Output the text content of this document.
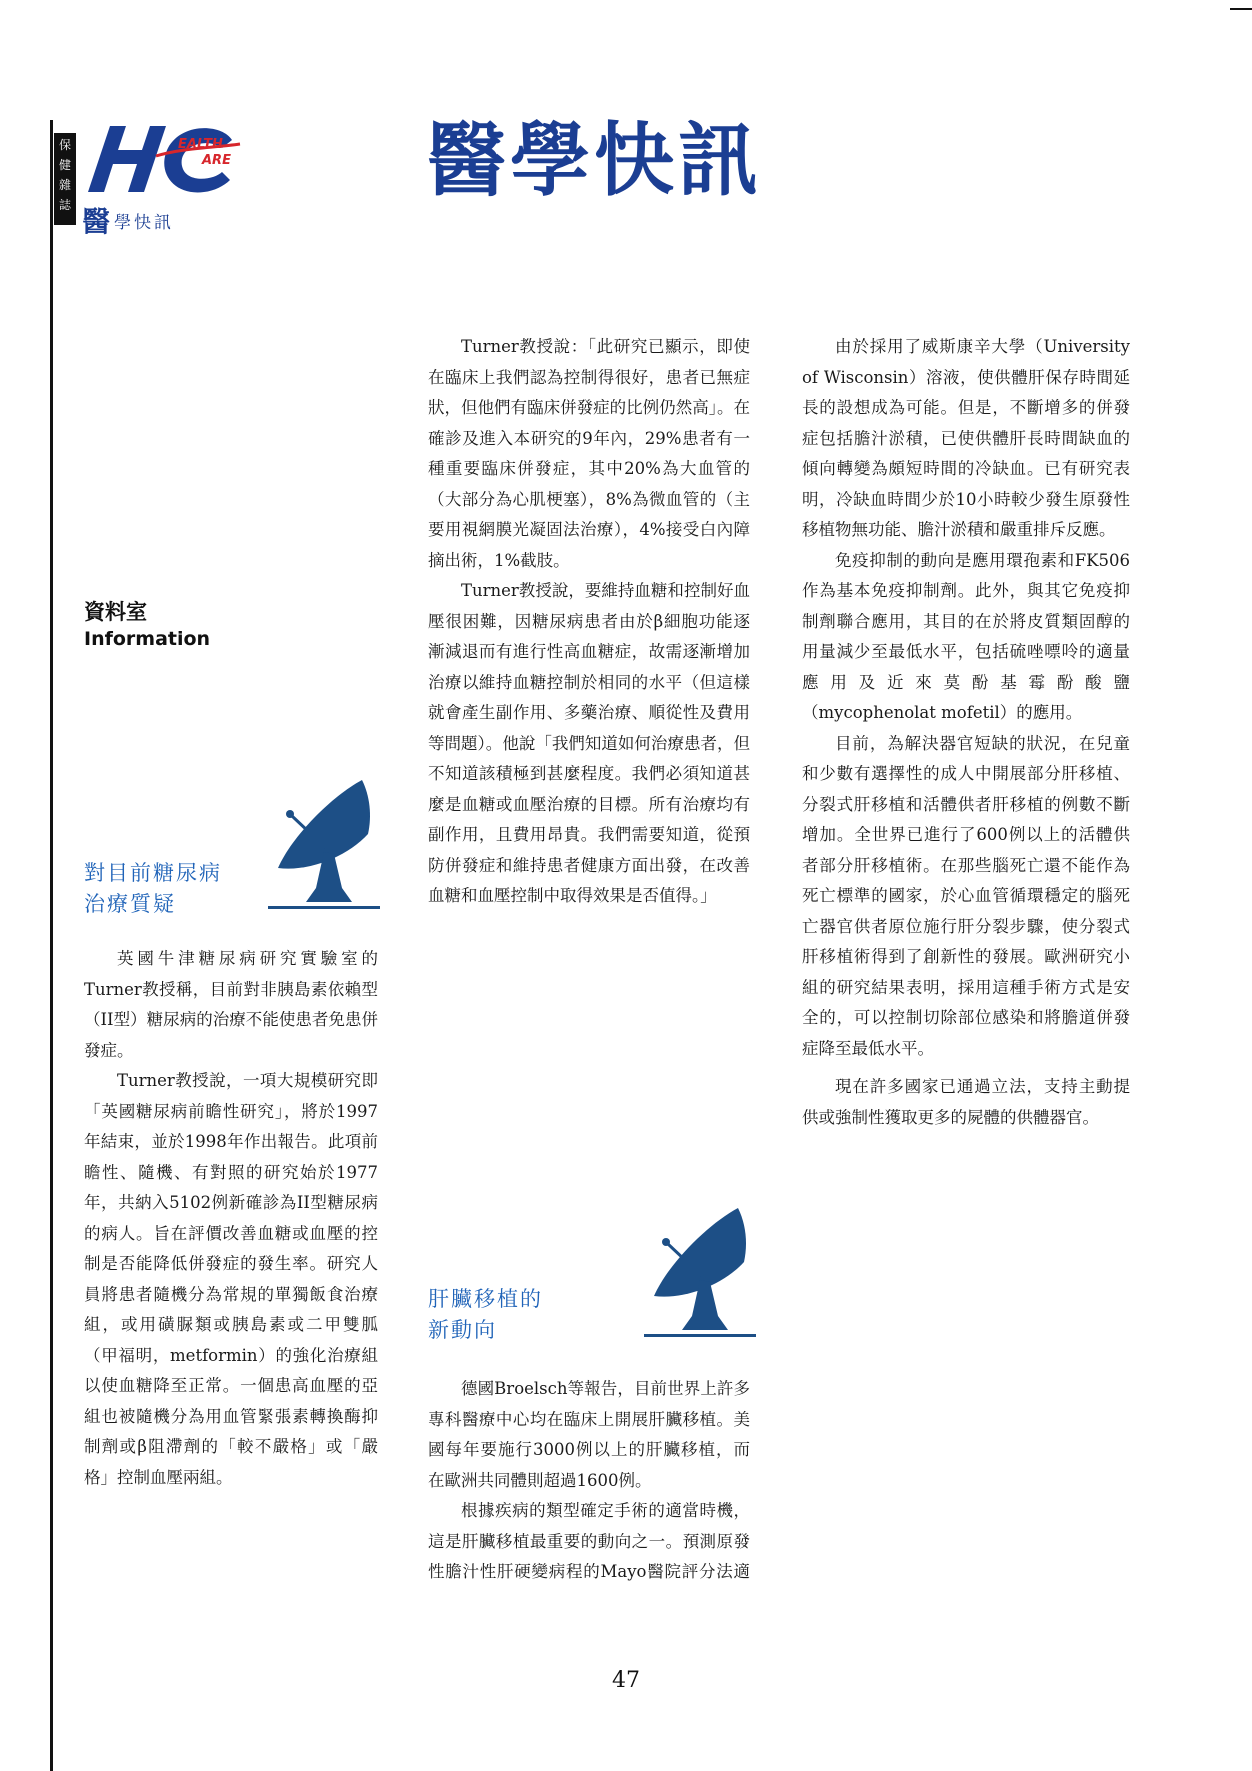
保
健
雜
誌
EALTH
ARE
醫學快訊
醫學快訊
資料室
Information
對目前糖尿病
治療質疑

英國牛津糖尿病研究實驗室的Turner教授稱，目前對非胰島素依賴型（II型）糖尿病的治療不能使患者免患併發症。

Turner教授說，一項大規模研究即「英國糖尿病前瞻性研究」，將於1997年結束，並於1998年作出報告。此項前瞻性、隨機、有對照的研究始於1977年，共納入5102例新確診為II型糖尿病的病人。旨在評價改善血糖或血壓的控制是否能降低併發症的發生率。研究人員將患者隨機分為常規的單獨飯食治療組，或用磺脲類或胰島素或二甲雙胍（甲福明，metformin）的強化治療組以使血糖降至正常。一個患高血壓的亞組也被隨機分為用血管緊張素轉換酶抑制劑或β阻滯劑的「較不嚴格」或「嚴格」控制血壓兩組。

Turner教授說：「此研究已顯示，即使在臨床上我們認為控制得很好，患者已無症狀，但他們有臨床併發症的比例仍然高」。在確診及進入本研究的9年內，29%患者有一種重要臨床併發症，其中20%為大血管的（大部分為心肌梗塞），8%為微血管的（主要用視網膜光凝固法治療），4%接受白內障摘出術，1%截肢。

Turner教授說，要維持血糖和控制好血壓很困難，因糖尿病患者由於β細胞功能逐漸減退而有進行性高血糖症，故需逐漸增加治療以維持血糖控制於相同的水平（但這樣就會產生副作用、多藥治療、順從性及費用等問題）。他說「我們知道如何治療患者，但不知道該積極到甚麼程度。我們必須知道甚麼是血糖或血壓治療的目標。所有治療均有副作用，且費用昂貴。我們需要知道，從預防併發症和維持患者健康方面出發，在改善血糖和血壓控制中取得效果是否值得。」

肝臟移植的
新動向

德國Broelsch等報告，目前世界上許多專科醫療中心均在臨床上開展肝臟移植。美國每年要施行3000例以上的肝臟移植，而在歐洲共同體則超過1600例。

根據疾病的類型確定手術的適當時機，這是肝臟移植最重要的動向之一。預測原發性膽汁性肝硬變病程的Mayo醫院評分法適

由於採用了威斯康辛大學（University of Wisconsin）溶液，使供體肝保存時間延長的設想成為可能。但是，不斷增多的併發症包括膽汁淤積，已使供體肝長時間缺血的傾向轉變為頗短時間的冷缺血。已有研究表明，冷缺血時間少於10小時較少發生原發性移植物無功能、膽汁淤積和嚴重排斥反應。

免疫抑制的動向是應用環孢素和FK506作為基本免疫抑制劑。此外，與其它免疫抑制劑聯合應用，其目的在於將皮質類固醇的用量減少至最低水平，包括硫唑嘌呤的適量應用及近來莫酚基霉酚酸鹽（mycophenolat mofetil）的應用。

目前，為解決器官短缺的狀況，在兒童和少數有選擇性的成人中開展部分肝移植、分裂式肝移植和活體供者肝移植的例數不斷增加。全世界已進行了600例以上的活體供者部分肝移植術。在那些腦死亡還不能作為死亡標準的國家，於心血管循環穩定的腦死亡器官供者原位施行肝分裂步驟，使分裂式肝移植術得到了創新性的發展。歐洲研究小組的研究結果表明，採用這種手術方式是安全的，可以控制切除部位感染和將膽道併發症降至最低水平。

現在許多國家已通過立法，支持主動提供或強制性獲取更多的屍體的供體器官。

47
